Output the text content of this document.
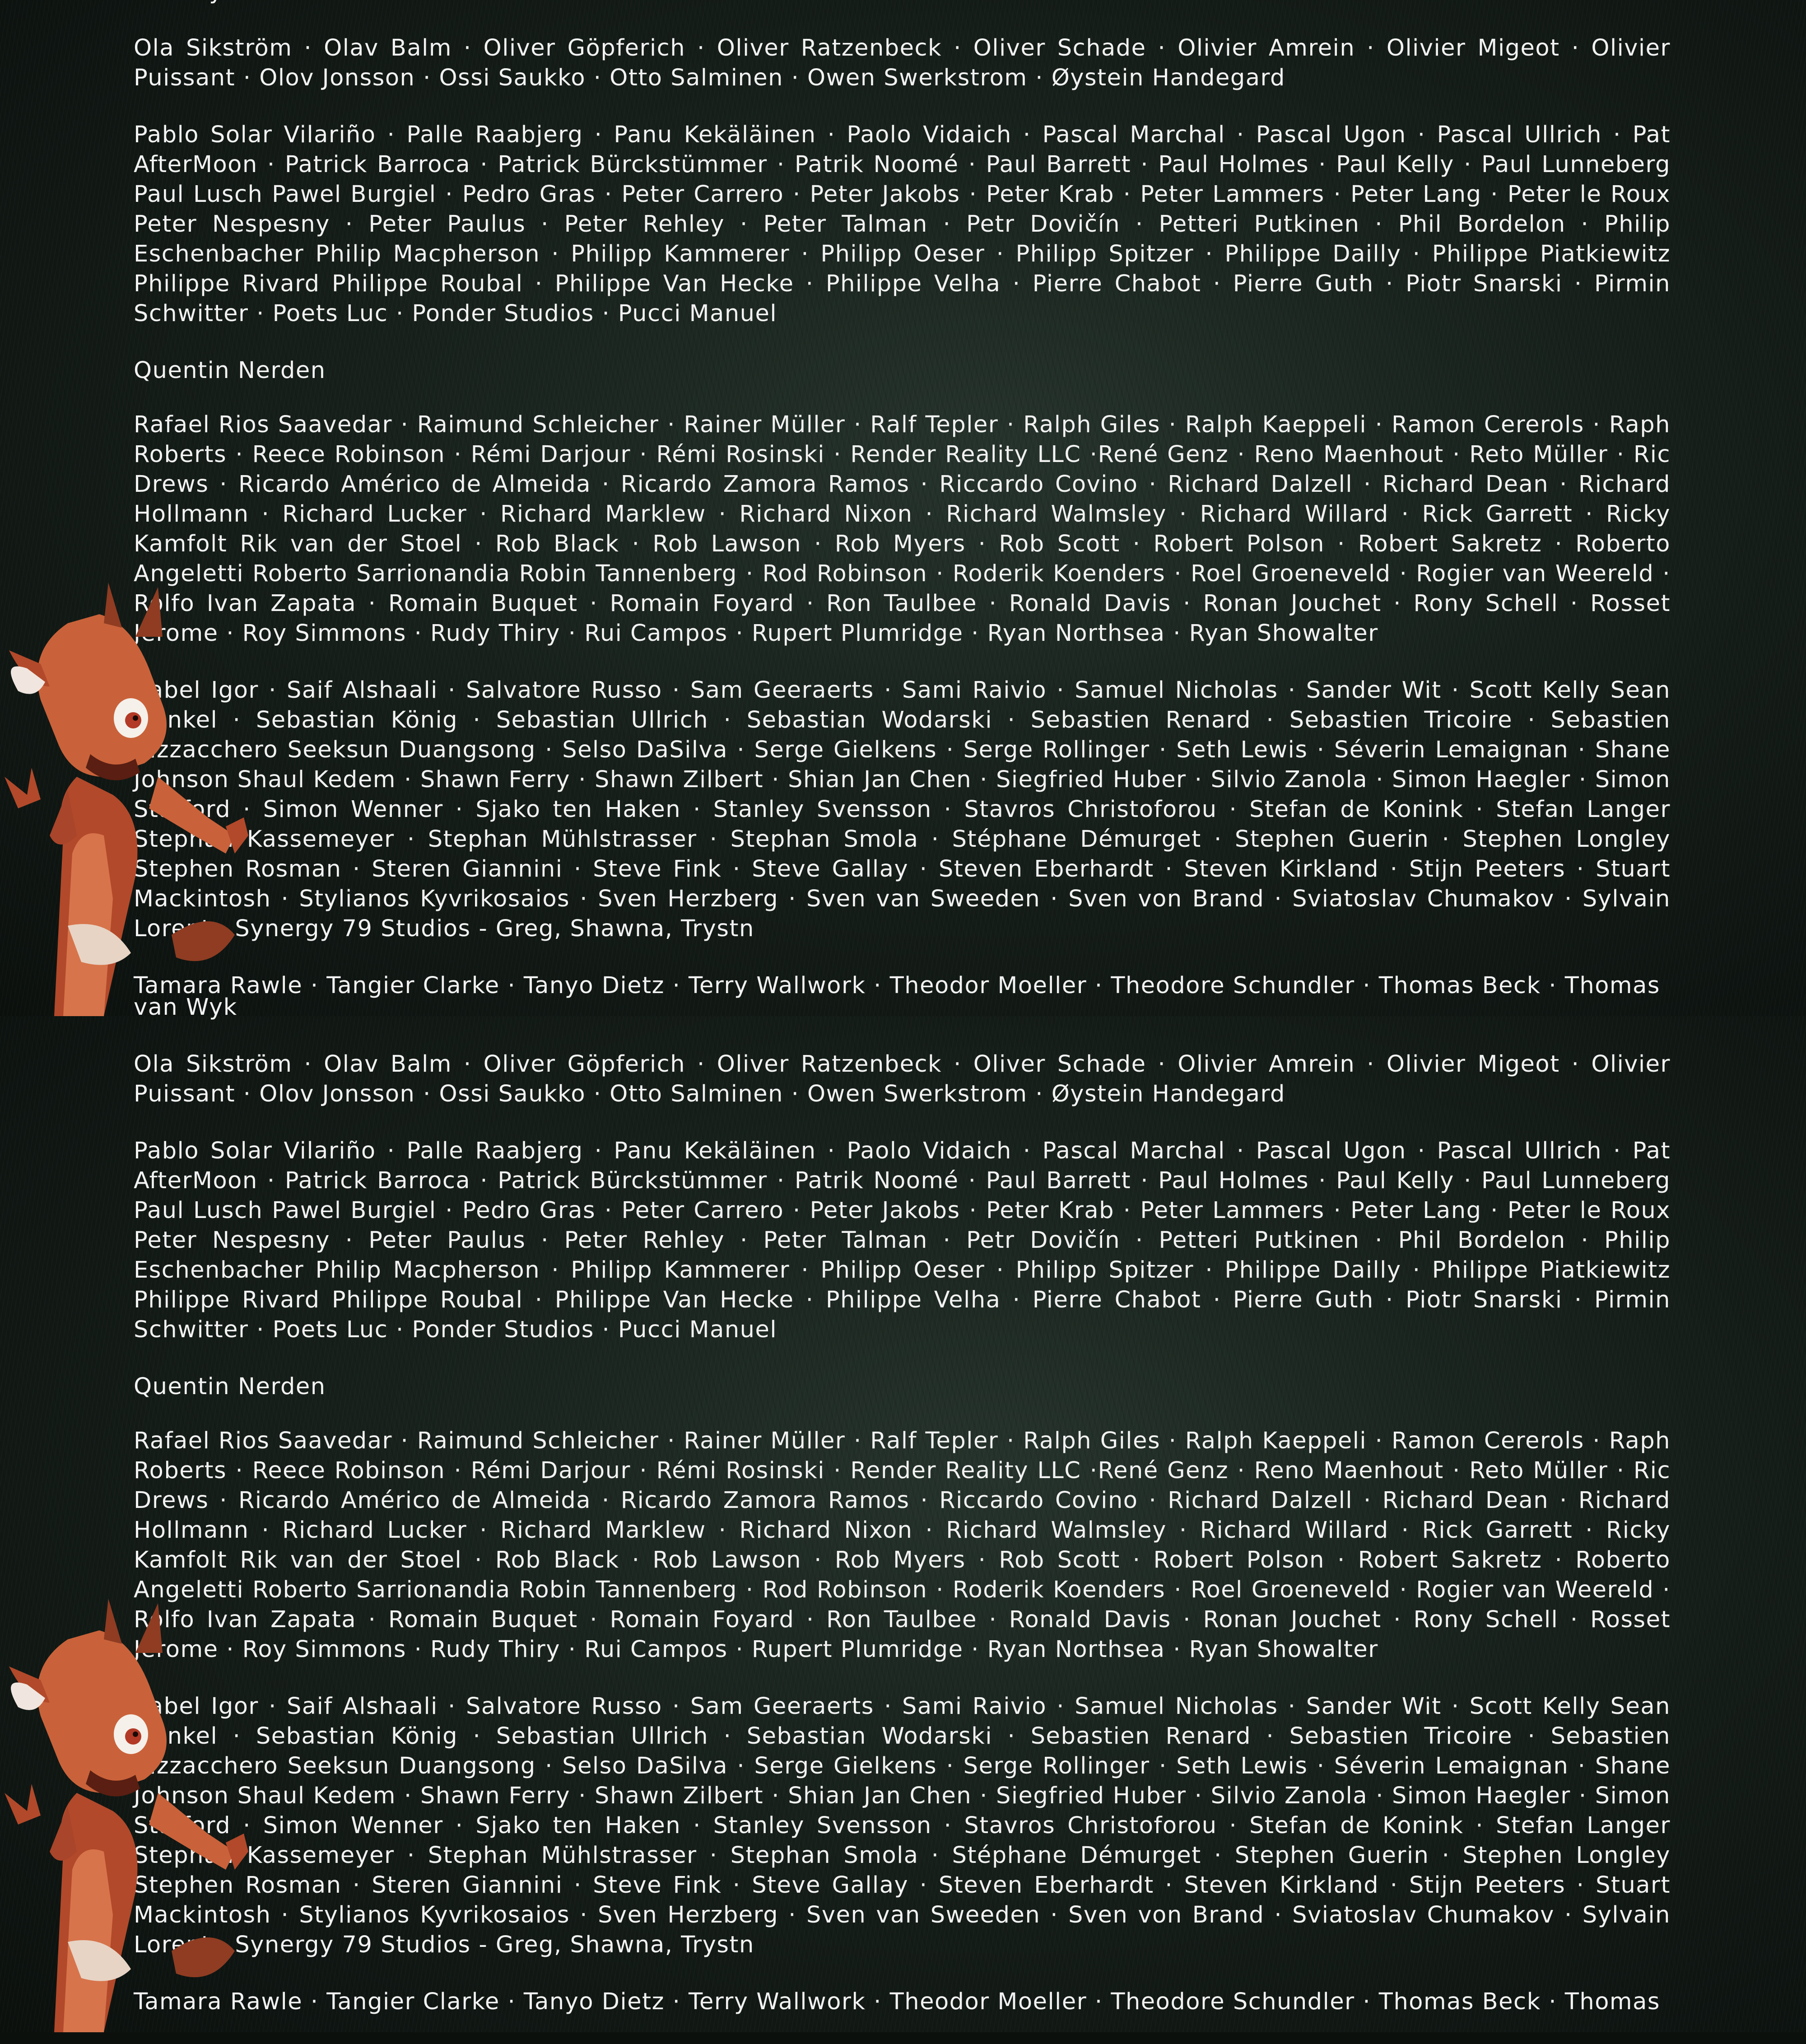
Ola Sikström · Olav Balm · Oliver Göpferich · Oliver Ratzenbeck · Oliver Schade · Olivier Amrein · Olivier Migeot · Olivier Puissant · Olov Jonsson · Ossi Saukko · Otto Salminen · Owen Swerkstrom · Øystein Handegard

Pablo Solar Vilariño · Palle Raabjerg · Panu Kekäläinen · Paolo Vidaich · Pascal Marchal · Pascal Ugon · Pascal Ullrich · Pat AfterMoon · Patrick Barroca · Patrick Bürckstümmer · Patrik Noomé · Paul Barrett · Paul Holmes · Paul Kelly · Paul Lunneberg Paul Lusch Pawel Burgiel · Pedro Gras · Peter Carrero · Peter Jakobs · Peter Krab · Peter Lammers · Peter Lang · Peter le Roux Peter Nespesny · Peter Paulus · Peter Rehley · Peter Talman · Petr Dovičín · Petteri Putkinen · Phil Bordelon · Philip Eschenbacher Philip Macpherson · Philipp Kammerer · Philipp Oeser · Philipp Spitzer · Philippe Dailly · Philippe Piatkiewitz Philippe Rivard Philippe Roubal · Philippe Van Hecke · Philippe Velha · Pierre Chabot · Pierre Guth · Piotr Snarski · Pirmin Schwitter · Poets Luc · Ponder Studios · Pucci Manuel

Quentin Nerden

Rafael Rios Saavedar · Raimund Schleicher · Rainer Müller · Ralf Tepler · Ralph Giles · Ralph Kaeppeli · Ramon Cererols · Raph Roberts · Reece Robinson · Rémi Darjour · Rémi Rosinski · Render Reality LLC ·René Genz · Reno Maenhout · Reto Müller · Ric Drews · Ricardo Américo de Almeida · Ricardo Zamora Ramos · Riccardo Covino · Richard Dalzell · Richard Dean · Richard Hollmann · Richard Lucker · Richard Marklew · Richard Nixon · Richard Walmsley · Richard Willard · Rick Garrett · Ricky Kamfolt Rik van der Stoel · Rob Black · Rob Lawson · Rob Myers · Rob Scott · Robert Polson · Robert Sakretz · Roberto Angeletti Roberto Sarrionandia Robin Tannenberg · Rod Robinson · Roderik Koenders · Roel Groeneveld · Rogier van Weereld · Rolfo Ivan Zapata · Romain Buquet · Romain Foyard · Ron Taulbee · Ronald Davis · Ronan Jouchet · Rony Schell · Rosset Jerome · Roy Simmons · Rudy Thiry · Rui Campos · Rupert Plumridge · Ryan Northsea · Ryan Showalter

Sabel Igor · Saif Alshaali · Salvatore Russo · Sam Geeraerts · Sami Raivio · Samuel Nicholas · Sander Wit · Scott Kelly Sean Dunkel · Sebastian König · Sebastian Ullrich · Sebastian Wodarski · Sebastien Renard · Sebastien Tricoire · Sebastien Vizzacchero Seeksun Duangsong · Selso DaSilva · Serge Gielkens · Serge Rollinger · Seth Lewis · Séverin Lemaignan · Shane Johnson Shaul Kedem · Shawn Ferry · Shawn Zilbert · Shian Jan Chen · Siegfried Huber · Silvio Zanola · Simon Haegler · Simon Stafford · Simon Wenner · Sjako ten Haken · Stanley Svensson · Stavros Christoforou · Stefan de Konink · Stefan Langer Stephan Kassemeyer · Stephan Mühlstrasser · Stephan Smola · Stéphane Démurget · Stephen Guerin · Stephen Longley Stephen Rosman · Steren Giannini · Steve Fink · Steve Gallay · Steven Eberhardt · Steven Kirkland · Stijn Peeters · Stuart Mackintosh · Stylianos Kyvrikosaios · Sven Herzberg · Sven van Sweeden · Sven von Brand · Sviatoslav Chumakov · Sylvain Lorent · Synergy 79 Studios - Greg, Shawna, Trystn

Tamara Rawle · Tangier Clarke · Tanyo Dietz · Terry Wallwork · Theodor Moeller · Theodore Schundler · Thomas Beck · Thomas

van Wyk

Ola Sikström · Olav Balm · Oliver Göpferich · Oliver Ratzenbeck · Oliver Schade · Olivier Amrein · Olivier Migeot · Olivier Puissant · Olov Jonsson · Ossi Saukko · Otto Salminen · Owen Swerkstrom · Øystein Handegard

Pablo Solar Vilariño · Palle Raabjerg · Panu Kekäläinen · Paolo Vidaich · Pascal Marchal · Pascal Ugon · Pascal Ullrich · Pat AfterMoon · Patrick Barroca · Patrick Bürckstümmer · Patrik Noomé · Paul Barrett · Paul Holmes · Paul Kelly · Paul Lunneberg Paul Lusch Pawel Burgiel · Pedro Gras · Peter Carrero · Peter Jakobs · Peter Krab · Peter Lammers · Peter Lang · Peter le Roux Peter Nespesny · Peter Paulus · Peter Rehley · Peter Talman · Petr Dovičín · Petteri Putkinen · Phil Bordelon · Philip Eschenbacher Philip Macpherson · Philipp Kammerer · Philipp Oeser · Philipp Spitzer · Philippe Dailly · Philippe Piatkiewitz Philippe Rivard Philippe Roubal · Philippe Van Hecke · Philippe Velha · Pierre Chabot · Pierre Guth · Piotr Snarski · Pirmin Schwitter · Poets Luc · Ponder Studios · Pucci Manuel

Quentin Nerden

Rafael Rios Saavedar · Raimund Schleicher · Rainer Müller · Ralf Tepler · Ralph Giles · Ralph Kaeppeli · Ramon Cererols · Raph Roberts · Reece Robinson · Rémi Darjour · Rémi Rosinski · Render Reality LLC ·René Genz · Reno Maenhout · Reto Müller · Ric Drews · Ricardo Américo de Almeida · Ricardo Zamora Ramos · Riccardo Covino · Richard Dalzell · Richard Dean · Richard Hollmann · Richard Lucker · Richard Marklew · Richard Nixon · Richard Walmsley · Richard Willard · Rick Garrett · Ricky Kamfolt Rik van der Stoel · Rob Black · Rob Lawson · Rob Myers · Rob Scott · Robert Polson · Robert Sakretz · Roberto Angeletti Roberto Sarrionandia Robin Tannenberg · Rod Robinson · Roderik Koenders · Roel Groeneveld · Rogier van Weereld · Rolfo Ivan Zapata · Romain Buquet · Romain Foyard · Ron Taulbee · Ronald Davis · Ronan Jouchet · Rony Schell · Rosset Jerome · Roy Simmons · Rudy Thiry · Rui Campos · Rupert Plumridge · Ryan Northsea · Ryan Showalter

Sabel Igor · Saif Alshaali · Salvatore Russo · Sam Geeraerts · Sami Raivio · Samuel Nicholas · Sander Wit · Scott Kelly Sean Dunkel · Sebastian König · Sebastian Ullrich · Sebastian Wodarski · Sebastien Renard · Sebastien Tricoire · Sebastien Vizzacchero Seeksun Duangsong · Selso DaSilva · Serge Gielkens · Serge Rollinger · Seth Lewis · Séverin Lemaignan · Shane Johnson Shaul Kedem · Shawn Ferry · Shawn Zilbert · Shian Jan Chen · Siegfried Huber · Silvio Zanola · Simon Haegler · Simon Stafford · Simon Wenner · Sjako ten Haken · Stanley Svensson · Stavros Christoforou · Stefan de Konink · Stefan Langer Stephan Kassemeyer · Stephan Mühlstrasser · Stephan Smola · Stéphane Démurget · Stephen Guerin · Stephen Longley Stephen Rosman · Steren Giannini · Steve Fink · Steve Gallay · Steven Eberhardt · Steven Kirkland · Stijn Peeters · Stuart Mackintosh · Stylianos Kyvrikosaios · Sven Herzberg · Sven van Sweeden · Sven von Brand · Sviatoslav Chumakov · Sylvain Lorent · Synergy 79 Studios - Greg, Shawna, Trystn

Tamara Rawle · Tangier Clarke · Tanyo Dietz · Terry Wallwork · Theodor Moeller · Theodore Schundler · Thomas Beck · Thomas
